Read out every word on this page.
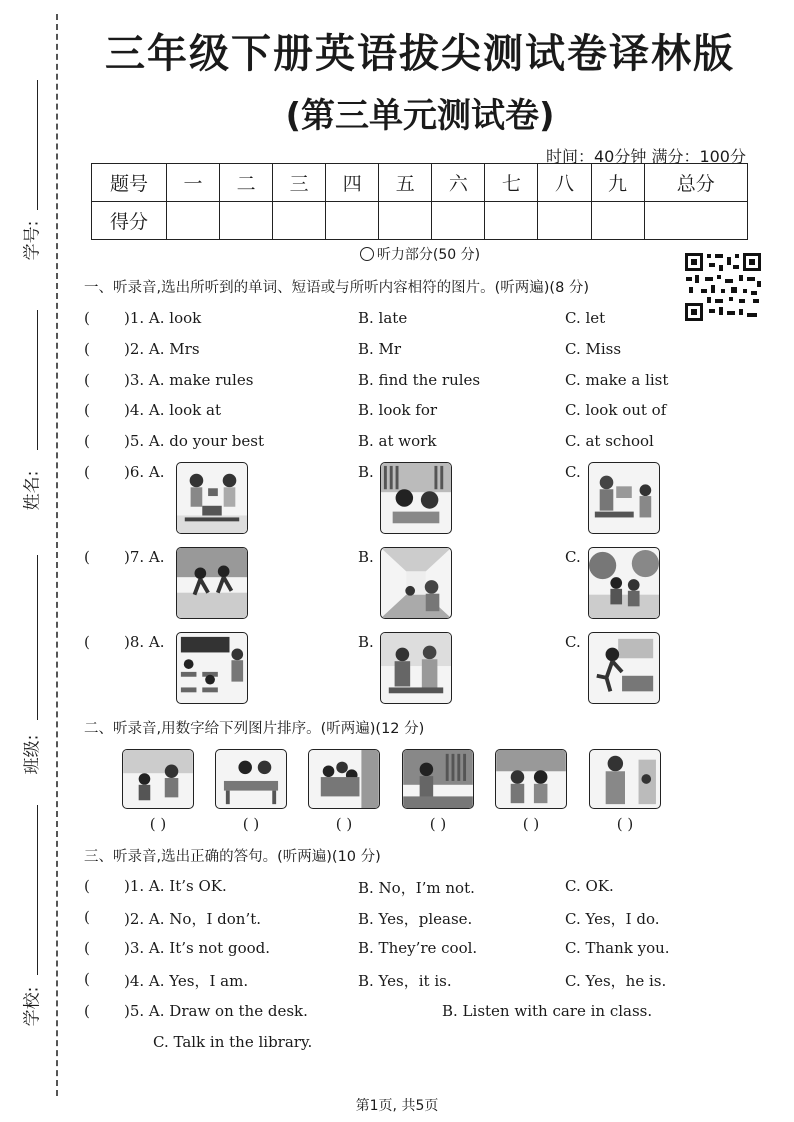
学号:
姓名:
班级:
学校:
三年级下册英语拔尖测试卷译林版
(第三单元测试卷)
时间：40分钟 满分：100分
题号	一	二	三	四	五	六	七	八	九	总分
得分										
听力部分(50 分)
一、听录音,选出所听到的单词、短语或与所听内容相符的图片。(听两遍)(8 分)
( )1. A. look	B. late	C. let
( )2. A. Mrs	B. Mr	C. Miss
( )3. A. make rules	B. find the rules	C. make a list
( )4. A. look at	B. look for	C. look out of
( )5. A. do your best	B. at work	C. at school
( )6. A.	B.	C.
( )7. A.	B.	C.
( )8. A.	B.	C.
二、听录音,用数字给下列图片排序。(听两遍)(12 分)
( )	( )	( )	( )	( )	( )
三、听录音,选出正确的答句。(听两遍)(10 分)
( )1. A. It’s OK.	B. No，I’m not.	C. OK.
( )2. A. No，I don’t.	B. Yes，please.	C. Yes，I do.
( )3. A. It’s not good.	B. They’re cool.	C. Thank you.
( )4. A. Yes，I am.	B. Yes，it is.	C. Yes，he is.
( )5. A. Draw on the desk.	B. Listen with care in class.
C. Talk in the library.
第1页, 共5页
